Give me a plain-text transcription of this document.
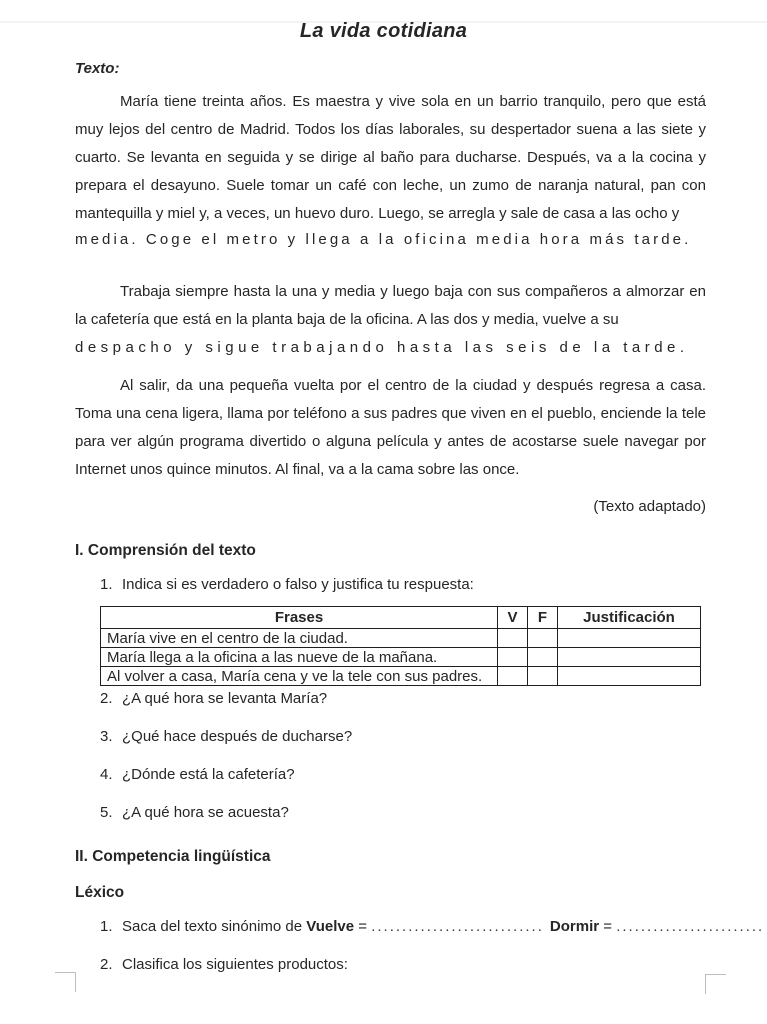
La vida cotidiana
Texto:
María tiene treinta años. Es maestra y vive sola en un barrio tranquilo, pero que está muy lejos del centro de Madrid. Todos los días laborales, su despertador suena a las siete y cuarto. Se levanta en seguida y se dirige al baño para ducharse. Después, va a la cocina y prepara el desayuno. Suele tomar un café con leche, un zumo de naranja natural, pan con mantequilla y miel y, a veces, un huevo duro. Luego, se arregla y sale de casa a las ocho y
media. Coge el metro y llega a la oficina media hora más tarde.
Trabaja siempre hasta la una y media y luego baja con sus compañeros a almorzar en la cafetería que está en la planta baja de la oficina. A las dos y media, vuelve a su
despacho y sigue trabajando hasta las seis de la tarde.
Al salir, da una pequeña vuelta por el centro de la ciudad y después regresa a casa. Toma una cena ligera, llama por teléfono a sus padres que viven en el pueblo, enciende la tele para ver algún programa divertido o alguna película y antes de acostarse suele navegar por Internet unos quince minutos. Al final, va a la cama sobre las once.
(Texto adaptado)
I. Comprensión del texto
1. Indica si es verdadero o falso y justifica tu respuesta:
Frases	V	F	Justificación
María vive en el centro de la ciudad.			
María llega a la oficina a las nueve de la mañana.			
Al volver a casa, María cena y ve la tele con sus padres.			
2. ¿A qué hora se levanta María?
3. ¿Qué hace después de ducharse?
4. ¿Dónde está la cafetería?
5. ¿A qué hora se acuesta?
II. Competencia lingüística
Léxico
1. Saca del texto sinónimo de Vuelve = ............................ Dormir = ........................
2. Clasifica los siguientes productos:
